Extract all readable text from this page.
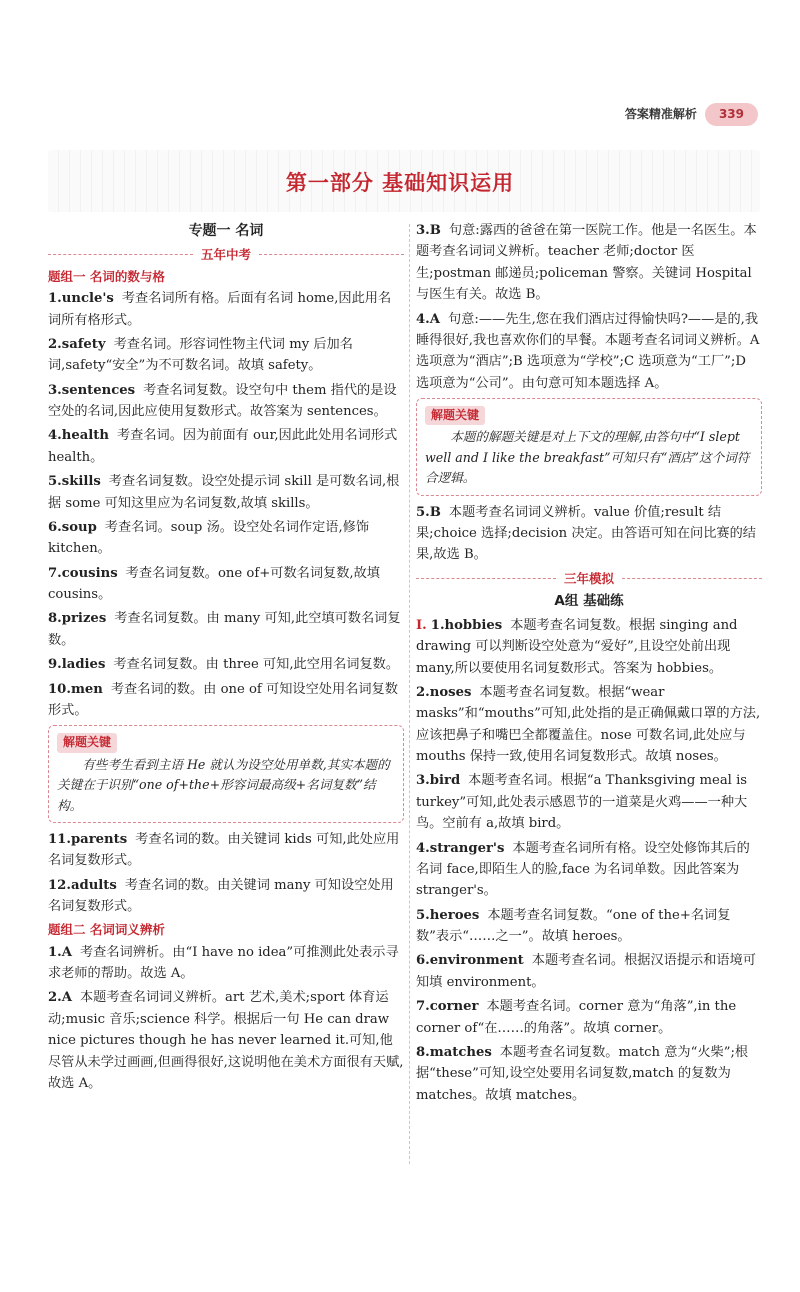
答案精准解析	339
第一部分 基础知识运用
专题一 名词
五年中考
题组一 名词的数与格

1.uncle's 考查名词所有格。后面有名词 home,因此用名词所有格形式。

2.safety 考查名词。形容词性物主代词 my 后加名词,safety“安全”为不可数名词。故填 safety。

3.sentences 考查名词复数。设空句中 them 指代的是设空处的名词,因此应使用复数形式。故答案为 sentences。

4.health 考查名词。因为前面有 our,因此此处用名词形式 health。

5.skills 考查名词复数。设空处提示词 skill 是可数名词,根据 some 可知这里应为名词复数,故填 skills。

6.soup 考查名词。soup 汤。设空处名词作定语,修饰 kitchen。

7.cousins 考查名词复数。one of+可数名词复数,故填 cousins。

8.prizes 考查名词复数。由 many 可知,此空填可数名词复数。

9.ladies 考查名词复数。由 three 可知,此空用名词复数。

10.men 考查名词的数。由 one of 可知设空处用名词复数形式。

解题关键
有些考生看到主语 He 就认为设空处用单数,其实本题的关键在于识别“one of+the+形容词最高级+名词复数”结构。

11.parents 考查名词的数。由关键词 kids 可知,此处应用名词复数形式。

12.adults 考查名词的数。由关键词 many 可知设空处用名词复数形式。

题组二 名词词义辨析

1.A 考查名词辨析。由“I have no idea”可推测此处表示寻求老师的帮助。故选 A。

2.A 本题考查名词词义辨析。art 艺术,美术;sport 体育运动;music 音乐;science 科学。根据后一句 He can draw nice pictures though he has never learned it.可知,他尽管从未学过画画,但画得很好,这说明他在美术方面很有天赋,故选 A。

3.B 句意:露西的爸爸在第一医院工作。他是一名医生。本题考查名词词义辨析。teacher 老师;doctor 医生;postman 邮递员;policeman 警察。关键词 Hospital 与医生有关。故选 B。

4.A 句意:——先生,您在我们酒店过得愉快吗?——是的,我睡得很好,我也喜欢你们的早餐。本题考查名词词义辨析。A 选项意为“酒店”;B 选项意为“学校”;C 选项意为“工厂”;D 选项意为“公司”。由句意可知本题选择 A。

解题关键
本题的解题关键是对上下文的理解,由答句中“I slept well and I like the breakfast”可知只有“酒店”这个词符合逻辑。

5.B 本题考查名词词义辨析。value 价值;result 结果;choice 选择;decision 决定。由答语可知在问比赛的结果,故选 B。

三年模拟
A组 基础练

Ⅰ. 1.hobbies 本题考查名词复数。根据 singing and drawing 可以判断设空处意为“爱好”,且设空处前出现 many,所以要使用名词复数形式。答案为 hobbies。

2.noses 本题考查名词复数。根据“wear masks”和“mouths”可知,此处指的是正确佩戴口罩的方法,应该把鼻子和嘴巴全都覆盖住。nose 可数名词,此处应与 mouths 保持一致,使用名词复数形式。故填 noses。

3.bird 本题考查名词。根据“a Thanksgiving meal is turkey”可知,此处表示感恩节的一道菜是火鸡——一种大鸟。空前有 a,故填 bird。

4.stranger's 本题考查名词所有格。设空处修饰其后的名词 face,即陌生人的脸,face 为名词单数。因此答案为 stranger's。

5.heroes 本题考查名词复数。“one of the+名词复数”表示“……之一”。故填 heroes。

6.environment 本题考查名词。根据汉语提示和语境可知填 environment。

7.corner 本题考查名词。corner 意为“角落”,in the corner of“在……的角落”。故填 corner。

8.matches 本题考查名词复数。match 意为“火柴”;根据“these”可知,设空处要用名词复数,match 的复数为 matches。故填 matches。
